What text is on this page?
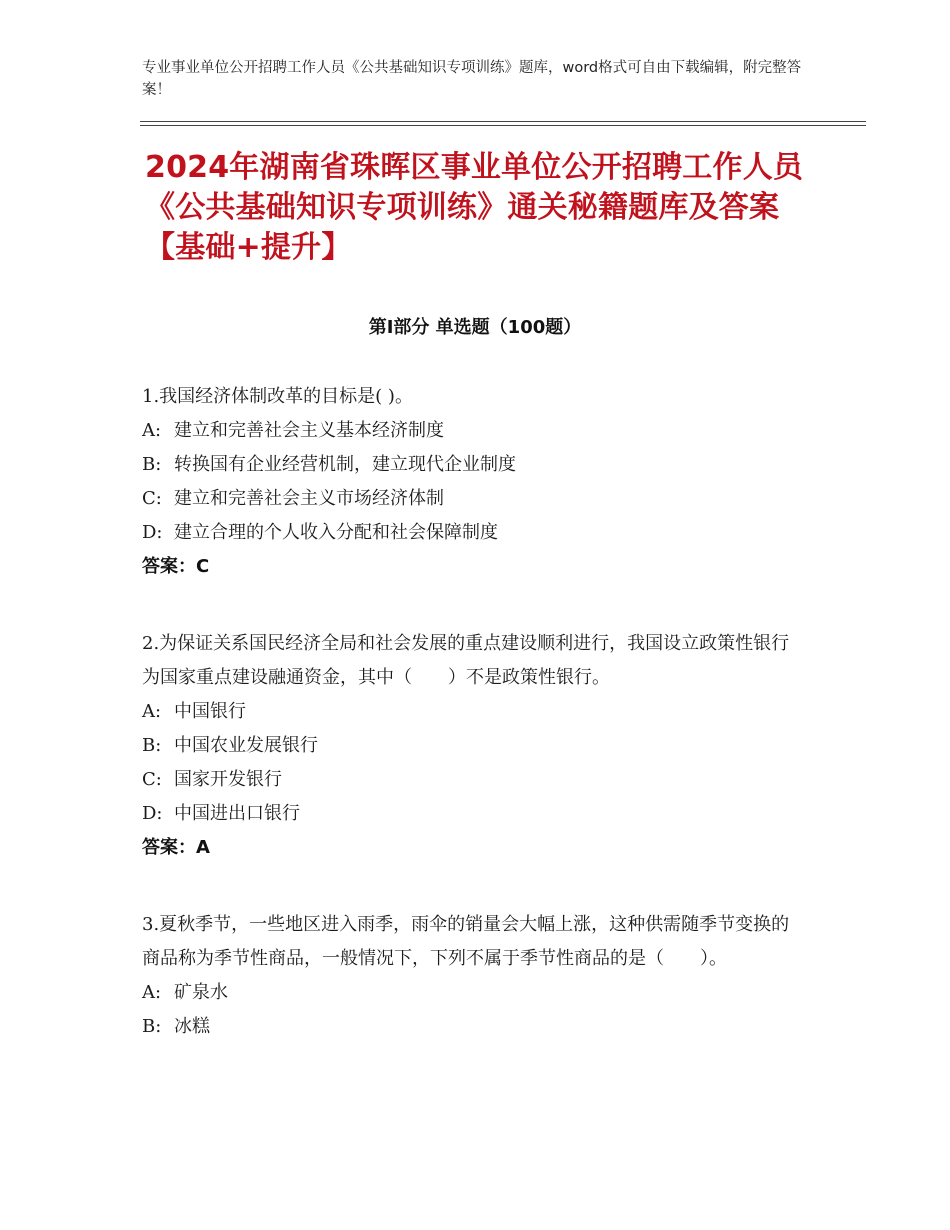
专业事业单位公开招聘工作人员《公共基础知识专项训练》题库，word格式可自由下载编辑，附完整答案！
2024年湖南省珠晖区事业单位公开招聘工作人员《公共基础知识专项训练》通关秘籍题库及答案【基础+提升】
第Ⅰ部分 单选题（100题）

1.我国经济体制改革的目标是( )。

A: 建立和完善社会主义基本经济制度
B: 转换国有企业经营机制，建立现代企业制度
C: 建立和完善社会主义市场经济体制
D: 建立合理的个人收入分配和社会保障制度
答案：C

2.为保证关系国民经济全局和社会发展的重点建设顺利进行，我国设立政策性银行为国家重点建设融通资金，其中（　　）不是政策性银行。

A: 中国银行
B: 中国农业发展银行
C: 国家开发银行
D: 中国进出口银行
答案：A

3.夏秋季节，一些地区进入雨季，雨伞的销量会大幅上涨，这种供需随季节变换的商品称为季节性商品，一般情况下，下列不属于季节性商品的是（　　）。

A: 矿泉水
B: 冰糕
